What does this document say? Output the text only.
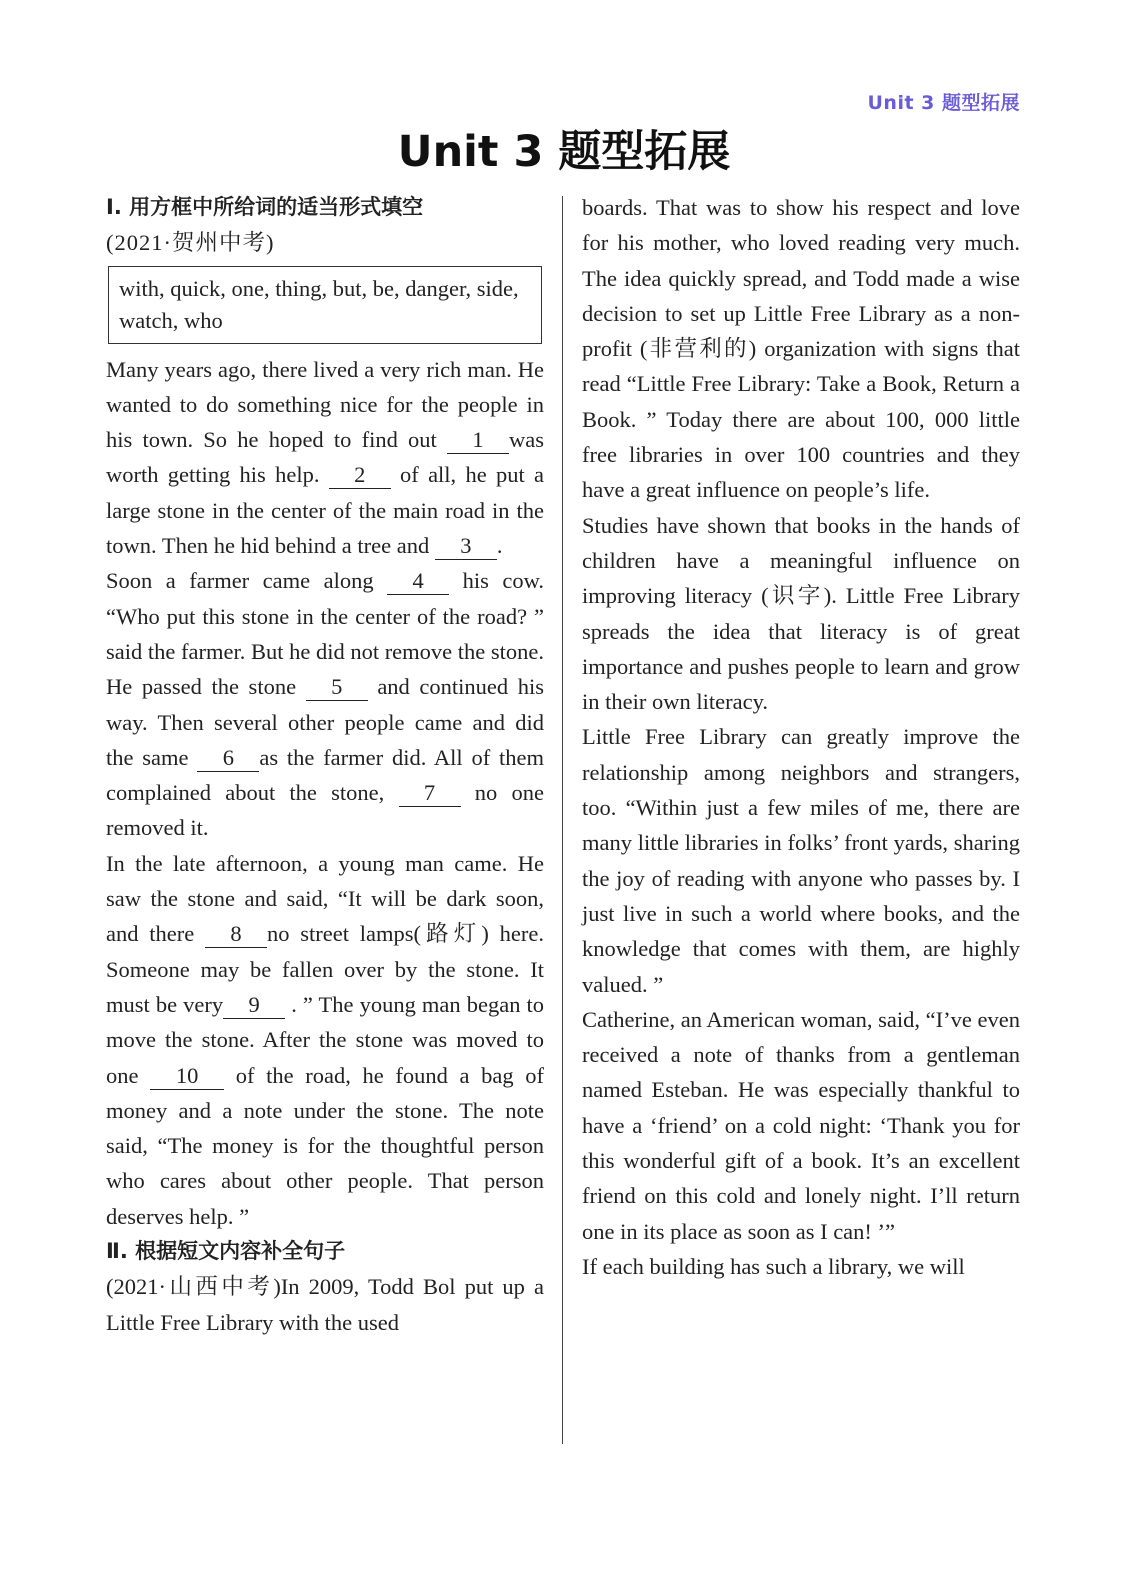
Unit 3 题型拓展
Unit 3 题型拓展

Ⅰ. 用方框中所给词的适当形式填空

(2021·贺州中考)

with, quick, one, thing, but, be, danger, side, watch, who

Many years ago, there lived a very rich man. He wanted to do something nice for the people in his town. So he hoped to find out 1 was worth getting his help. 2 of all, he put a large stone in the center of the main road in the town. Then he hid behind a tree and 3 .

Soon a farmer came along 4 his cow. “Who put this stone in the center of the road? ” said the farmer. But he did not remove the stone. He passed the stone 5 and continued his way. Then several other people came and did the same 6 as the farmer did. All of them complained about the stone, 7 no one removed it.

In the late afternoon, a young man came. He saw the stone and said, “It will be dark soon, and there 8 no street lamps(路灯) here. Someone may be fallen over by the stone. It must be very 9 . ” The young man began to move the stone. After the stone was moved to one 10 of the road, he found a bag of money and a note under the stone. The note said, “The money is for the thoughtful person who cares about other people. That person deserves help. ”

Ⅱ. 根据短文内容补全句子

(2021·山西中考)In 2009, Todd Bol put up a Little Free Library with the used

boards. That was to show his respect and love for his mother, who loved reading very much. The idea quickly spread, and Todd made a wise decision to set up Little Free Library as a non-profit (非营利的) organization with signs that read “Little Free Library: Take a Book, Return a Book. ” Today there are about 100, 000 little free libraries in over 100 countries and they have a great influence on people’s life.

Studies have shown that books in the hands of children have a meaningful influence on improving literacy (识字). Little Free Library spreads the idea that literacy is of great importance and pushes people to learn and grow in their own literacy.

Little Free Library can greatly improve the relationship among neighbors and strangers, too. “Within just a few miles of me, there are many little libraries in folks’ front yards, sharing the joy of reading with anyone who passes by. I just live in such a world where books, and the knowledge that comes with them, are highly valued. ”

Catherine, an American woman, said, “I’ve even received a note of thanks from a gentleman named Esteban. He was especially thankful to have a ‘friend’ on a cold night: ‘Thank you for this wonderful gift of a book. It’s an excellent friend on this cold and lonely night. I’ll return one in its place as soon as I can! ’”

If each building has such a library, we will
